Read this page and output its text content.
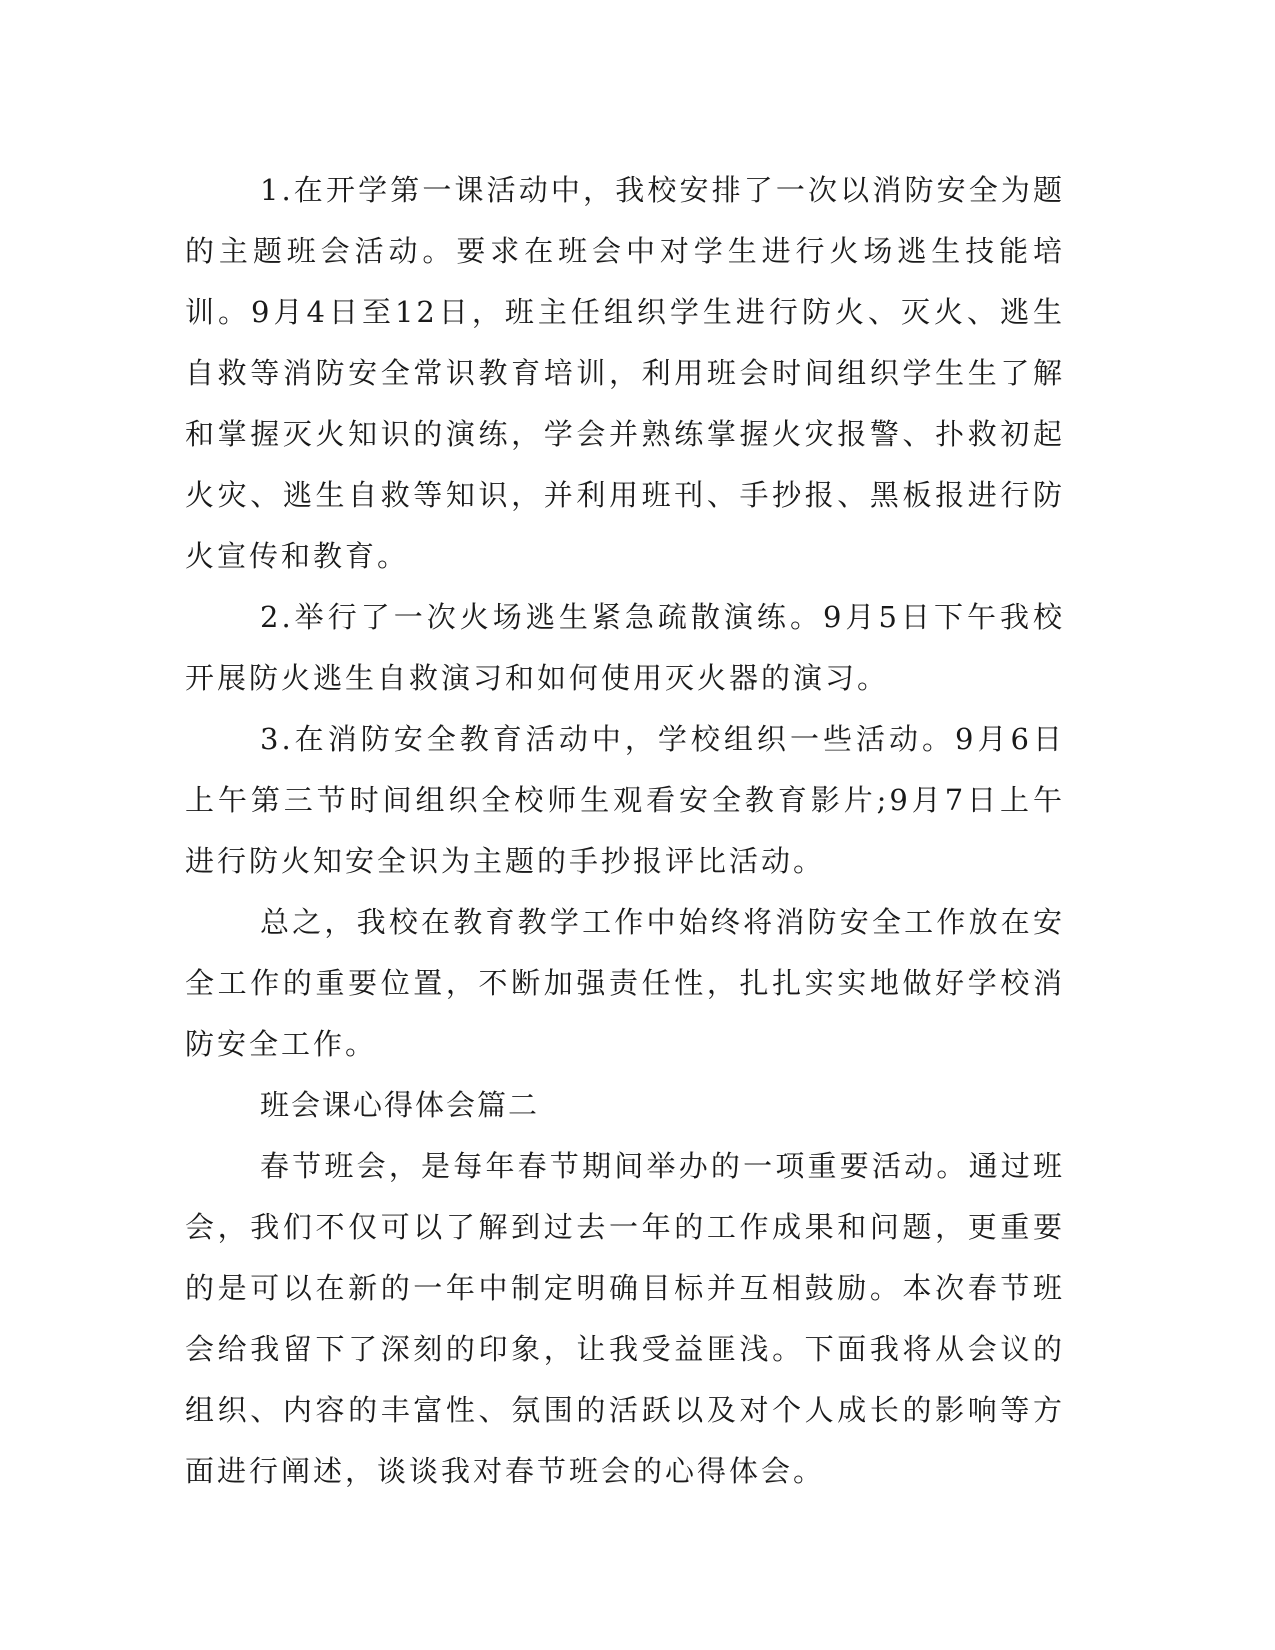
1.在开学第一课活动中，我校安排了一次以消防安全为题的主题班会活动。要求在班会中对学生进行火场逃生技能培训。9月4日至12日，班主任组织学生进行防火、灭火、逃生自救等消防安全常识教育培训，利用班会时间组织学生生了解和掌握灭火知识的演练，学会并熟练掌握火灾报警、扑救初起火灾、逃生自救等知识，并利用班刊、手抄报、黑板报进行防火宣传和教育。

2.举行了一次火场逃生紧急疏散演练。9月5日下午我校开展防火逃生自救演习和如何使用灭火器的演习。

3.在消防安全教育活动中，学校组织一些活动。9月6日上午第三节时间组织全校师生观看安全教育影片;9月7日上午进行防火知安全识为主题的手抄报评比活动。

总之，我校在教育教学工作中始终将消防安全工作放在安全工作的重要位置，不断加强责任性，扎扎实实地做好学校消防安全工作。

班会课心得体会篇二

春节班会，是每年春节期间举办的一项重要活动。通过班会，我们不仅可以了解到过去一年的工作成果和问题，更重要的是可以在新的一年中制定明确目标并互相鼓励。本次春节班会给我留下了深刻的印象，让我受益匪浅。下面我将从会议的组织、内容的丰富性、氛围的活跃以及对个人成长的影响等方面进行阐述，谈谈我对春节班会的心得体会。
